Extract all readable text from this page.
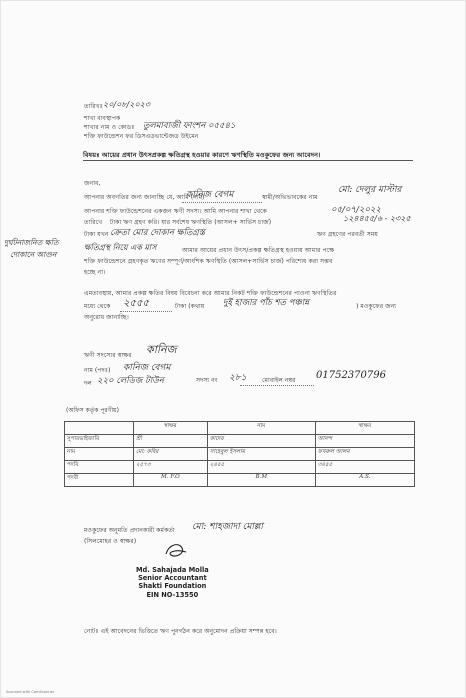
তারিখঃ ২০/০৮/২০২৩
শাখা ব্যবস্থাপক
শাখার নাম ও কোডঃ তুলমাবাজী ফাংশন ০৫৫৪১
শক্তি ফাউন্ডেশন ফর ডিসএডভান্টেজড উইমেন
বিষয়ঃ আয়ের প্রধান উৎসপ্রকল্প ক্ষতিগ্রস্থ হওয়ার কারণে ঋণস্থিতি মওকুফের জন্য আবেদন।
জনাব,
আপনার অবগতির জন্য জানাচ্ছি যে, আমি (নাম)
কানিজ বেগম	স্বামী/অভিভাবকের নাম
মো: দেলুর মাস্টার
আপনার শক্তি ফাউন্ডেশনের একজন ঋণী সদস্য। আমি আপনার শাখা থেকে	০৫/০৭/২০২২
তারিখে টাকা ঋণ গ্রহণ করি। যার সর্বশেষ ঋণস্থিতি (আসল+ সার্ভিস চার্জ)	১২৪৪৫৫/৬ - ২৩২৫
টাকা যখন ক্রেতা মোর দোকান ক্ষতিগ্রস্ত	ঋণ গ্রহণের পরবর্তী সময়
ক্ষতিগ্রস্থ নিয়ে এক মাস	আমার আয়ের প্রধান উৎস/প্রকল্প ক্ষতিগ্রস্থ হওয়ায় আমার পক্ষে
শক্তি ফাউন্ডেশনে গ্রহণকৃত ঋণের সম্পূর্ণ/আংশিক ঋণস্থিতি (আসল+সার্ভিস চার্জ) পরিশোধ করা সম্ভব
হচ্ছে না।
দুর্ঘটনাজনিত ক্ষতি
দোকানে আগুন
এমতাবস্থায়, আমার প্রকল্প ক্ষতির বিষয় বিবেচনা করে আমার নিকট শক্তি ফাউন্ডেশনের পাওনা ঋণস্থিতির
মধ্যে থেকে ২৫৫৫	টাকা (কথায় দুই হাজার পাঁচ শত পঞ্চান্ন	) মওকুফের জন্য
অনুরোধ জানাচ্ছি।
ঋণী সদস্যের স্বাক্ষর কানিজ
নাম (পদঃ) কানিজ বেগম
দল ২২০ লেডিজ টাউন	সদস্য নং ২৮১ মোবাইল নম্বর 01752370796
(অফিস কর্তৃক পূরণীয়)
	স্বাক্ষর	নাম	স্বাক্ষর
সুপারভাইজারি	শ্রী	কাদের	আনন্দ
নাম	মো: কবির	সাহেবুল ইসলাম	ফখরুল আলম
পদবি	২৫৭৩	২৪৫৫	৩৪৫৫
পদবী	M. F.O	B.M	A.S.
মওকুফের অনুমতি প্রদানকারী কর্মকর্তা মো: শাহজাদা মোল্লা
(সিলমোহর ও স্বাক্ষর)
Md. Sahajada Molla
Senior Accountant
Shakti Foundation
EIN NO-13550
নোটঃ এই আবেদনের ভিত্তিতে ঋণ পুনর্গঠন করে অনুমোদন প্রক্রিয়া সম্পন্ন হবে।
Scanned with CamScanner
